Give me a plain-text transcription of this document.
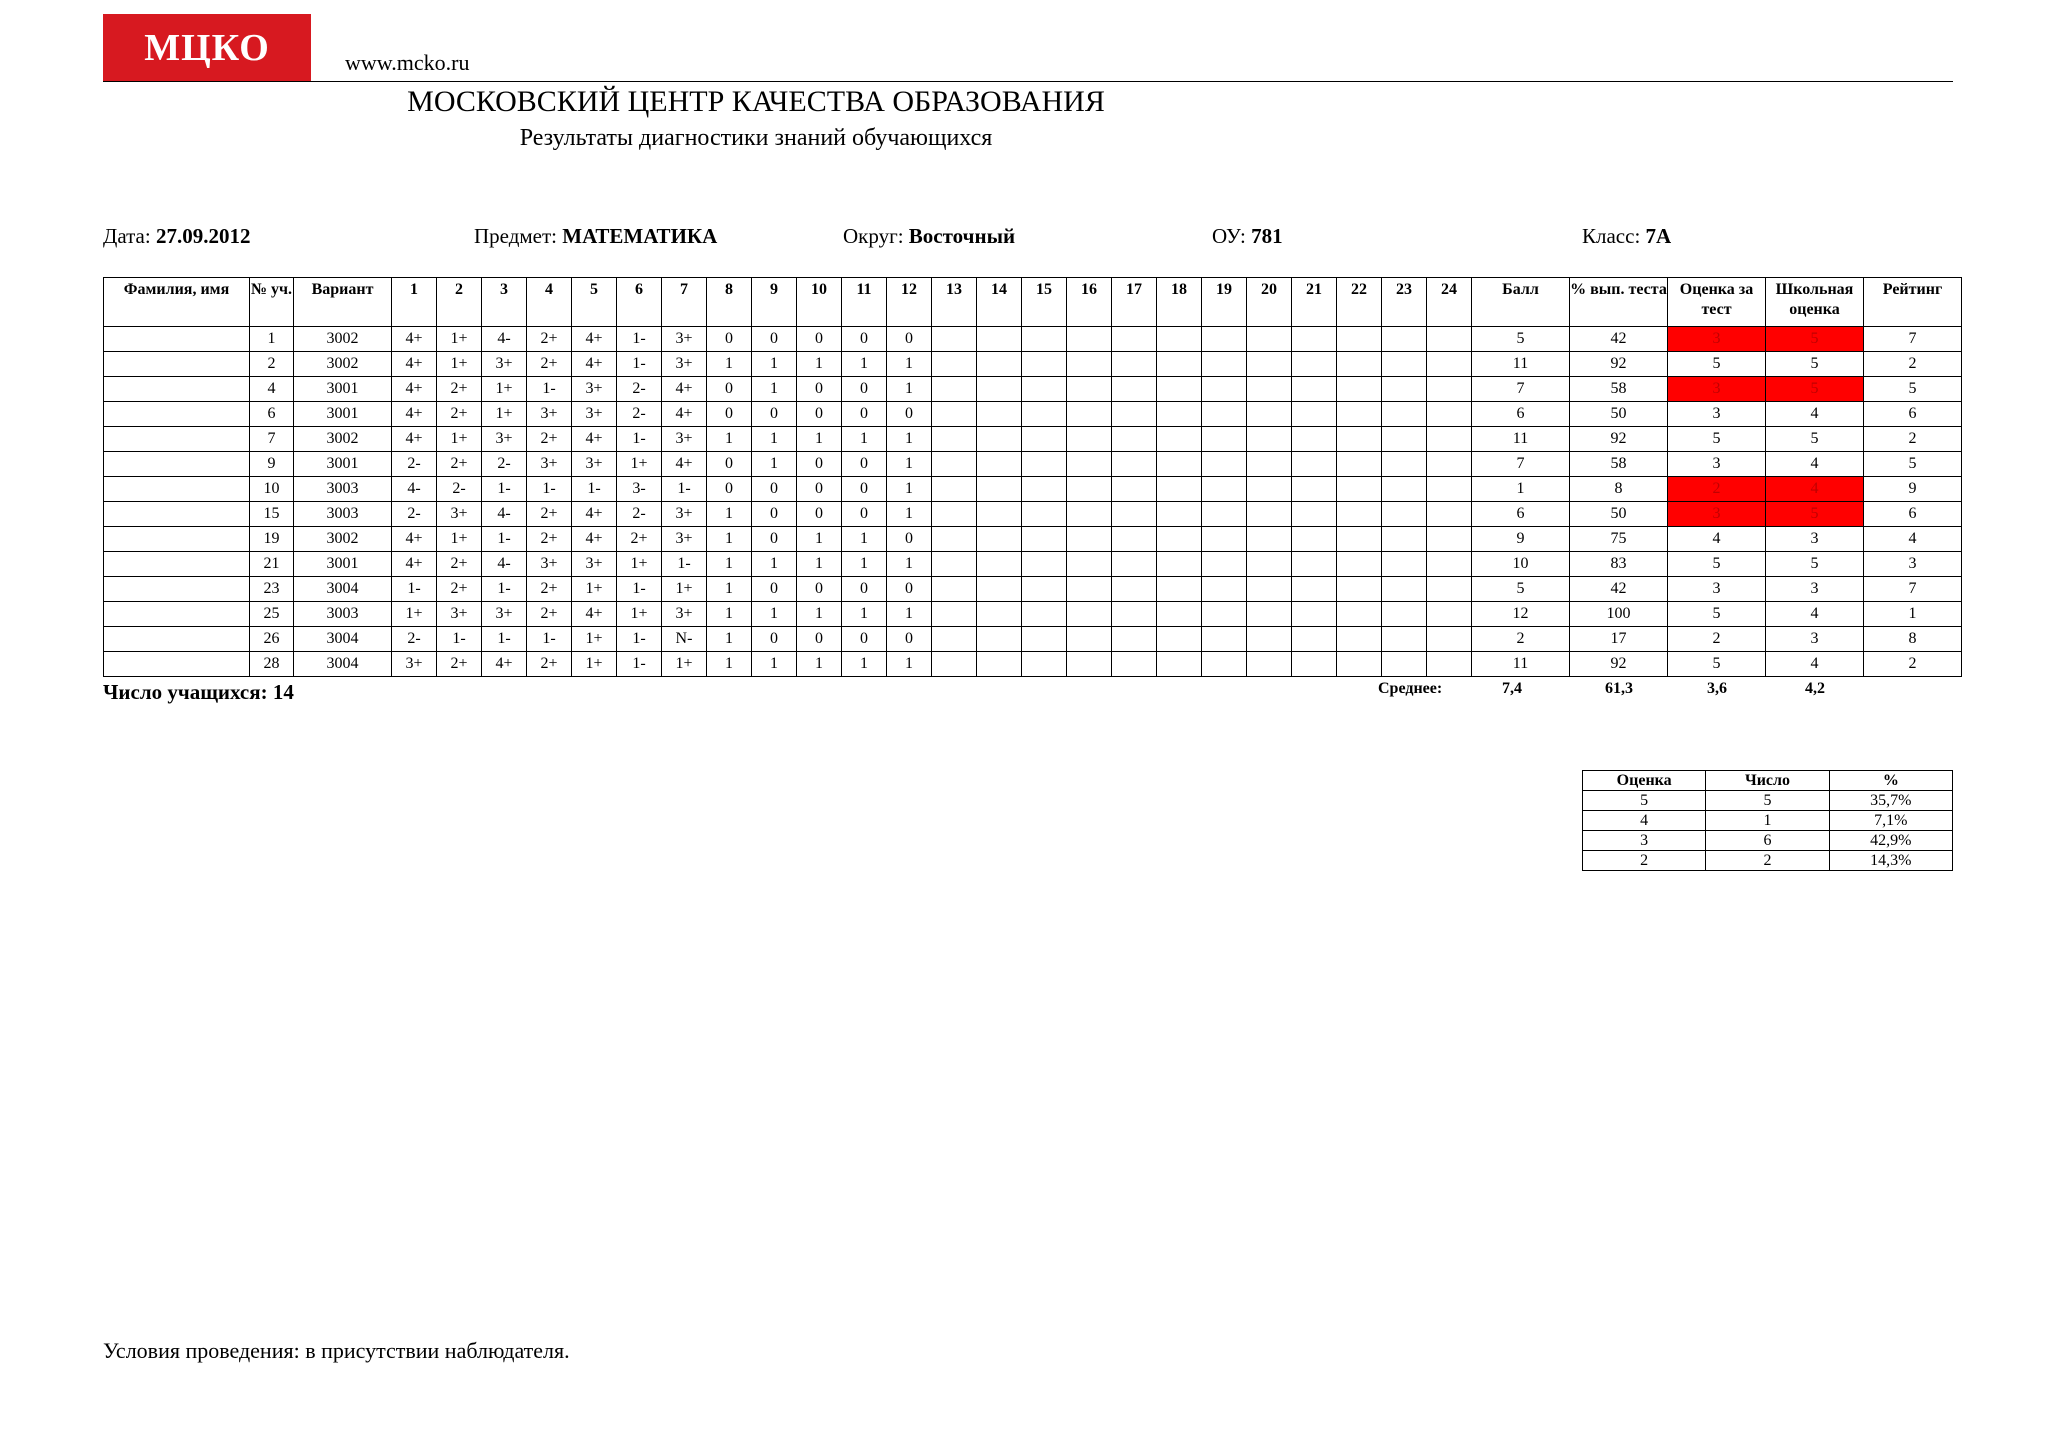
МЦКО	www.mcko.ru
МОСКОВСКИЙ ЦЕНТР КАЧЕСТВА ОБРАЗОВАНИЯ
Результаты диагностики знаний обучающихся
Дата: 27.09.2012	Предмет: МАТЕМАТИКА	Округ: Восточный	ОУ: 781	Класс: 7А
Фамилия, имя	№ уч.	Вариант	1	2	3	4	5	6	7	8	9	10	11	12	13	14	15	16	17	18	19	20	21	22	23	24	Балл	% вып. теста	Оценка за тест	Школьная оценка	Рейтинг
	1	3002	4+	1+	4-	2+	4+	1-	3+	0	0	0	0	0													5	42	3	5	7
	2	3002	4+	1+	3+	2+	4+	1-	3+	1	1	1	1	1													11	92	5	5	2
	4	3001	4+	2+	1+	1-	3+	2-	4+	0	1	0	0	1													7	58	3	5	5
	6	3001	4+	2+	1+	3+	3+	2-	4+	0	0	0	0	0													6	50	3	4	6
	7	3002	4+	1+	3+	2+	4+	1-	3+	1	1	1	1	1													11	92	5	5	2
	9	3001	2-	2+	2-	3+	3+	1+	4+	0	1	0	0	1													7	58	3	4	5
	10	3003	4-	2-	1-	1-	1-	3-	1-	0	0	0	0	1													1	8	2	4	9
	15	3003	2-	3+	4-	2+	4+	2-	3+	1	0	0	0	1													6	50	3	5	6
	19	3002	4+	1+	1-	2+	4+	2+	3+	1	0	1	1	0													9	75	4	3	4
	21	3001	4+	2+	4-	3+	3+	1+	1-	1	1	1	1	1													10	83	5	5	3
	23	3004	1-	2+	1-	2+	1+	1-	1+	1	0	0	0	0													5	42	3	3	7
	25	3003	1+	3+	3+	2+	4+	1+	3+	1	1	1	1	1													12	100	5	4	1
	26	3004	2-	1-	1-	1-	1+	1-	N-	1	0	0	0	0													2	17	2	3	8
	28	3004	3+	2+	4+	2+	1+	1-	1+	1	1	1	1	1													11	92	5	4	2
Число учащихся: 14	Среднее:	7,4	61,3	3,6	4,2
Оценка	Число	%
5	5	35,7%
4	1	7,1%
3	6	42,9%
2	2	14,3%
Условия проведения: в присутствии наблюдателя.
